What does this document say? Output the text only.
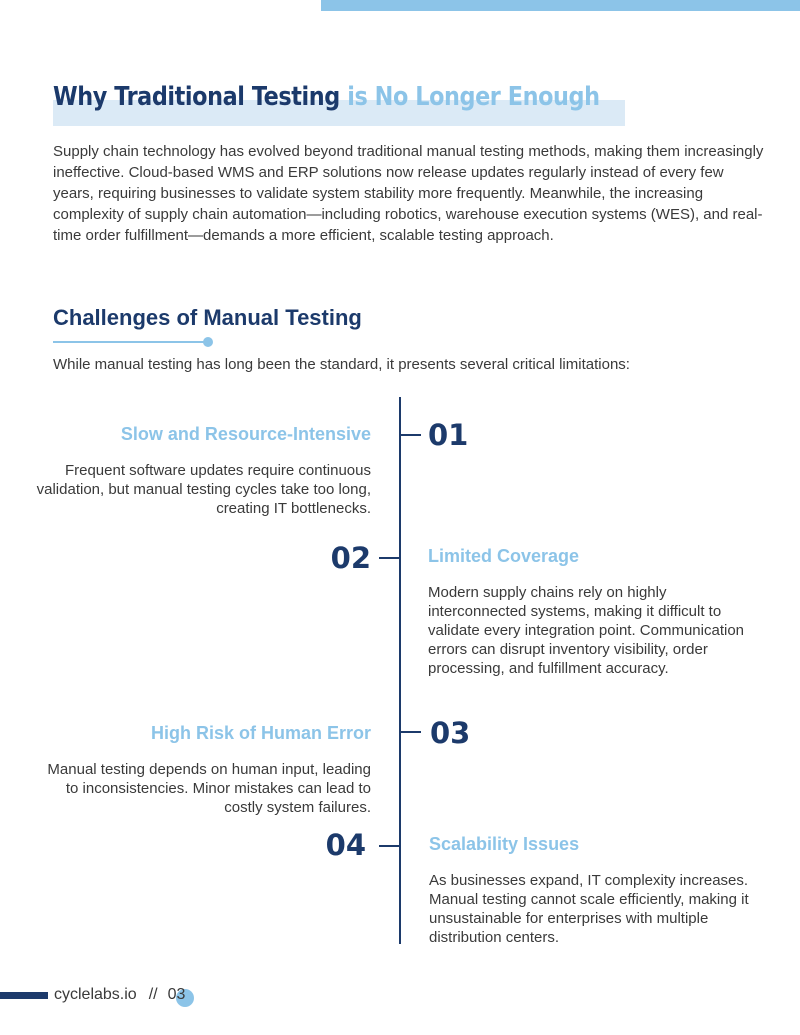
Why Traditional Testing is No Longer Enough

Supply chain technology has evolved beyond traditional manual testing methods, making them increasingly ineffective. Cloud-based WMS and ERP solutions now release updates regularly instead of every few years, requiring businesses to validate system stability more frequently. Meanwhile, the increasing complexity of supply chain automation—including robotics, warehouse execution systems (WES), and real-time order fulfillment—demands a more efficient, scalable testing approach.

Challenges of Manual Testing

While manual testing has long been the standard, it presents several critical limitations:

01
Slow and Resource-Intensive

Frequent software updates require continuous validation, but manual testing cycles take too long, creating IT bottlenecks.

02	Limited Coverage

Modern supply chains rely on highly interconnected systems, making it difficult to validate every integration point. Communication errors can disrupt inventory visibility, order processing, and fulfillment accuracy.

03
High Risk of Human Error

Manual testing depends on human input, leading to inconsistencies. Minor mistakes can lead to costly system failures.

04	Scalability Issues

As businesses expand, IT complexity increases. Manual testing cannot scale efficiently, making it unsustainable for enterprises with multiple distribution centers.

cyclelabs.io // 03
